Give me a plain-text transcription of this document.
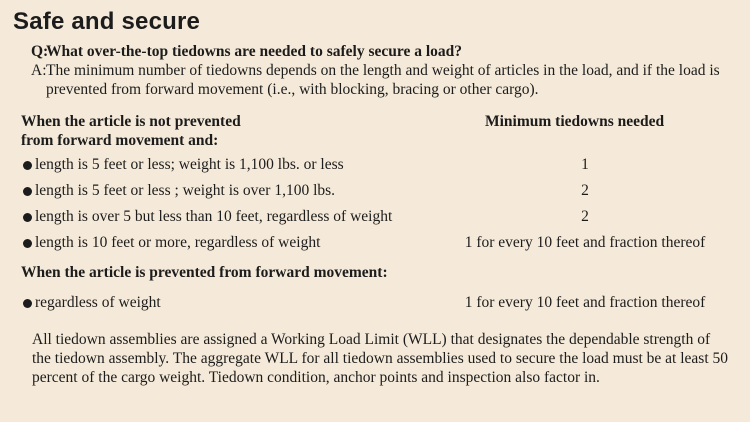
Safe and secure
Q:What over-the-top tiedowns are needed to safely secure a load?
A: The minimum number of tiedowns depends on the length and weight of articles in the load, and if the load is prevented from forward movement (i.e., with blocking, bracing or other cargo).
When the article is not prevented
from forward movement and:
Minimum tiedowns needed
length is 5 feet or less; weight is 1,100 lbs. or less	1
length is 5 feet or less ; weight is over 1,100 lbs.	2
length is over 5 but less than 10 feet, regardless of weight	2
length is 10 feet or more, regardless of weight	1 for every 10 feet and fraction thereof
When the article is prevented from forward movement:
regardless of weight	1 for every 10 feet and fraction thereof
All tiedown assemblies are assigned a Working Load Limit (WLL) that designates the dependable strength of the tiedown assembly. The aggregate WLL for all tiedown assemblies used to secure the load must be at least 50 percent of the cargo weight. Tiedown condition, anchor points and inspection also factor in.
